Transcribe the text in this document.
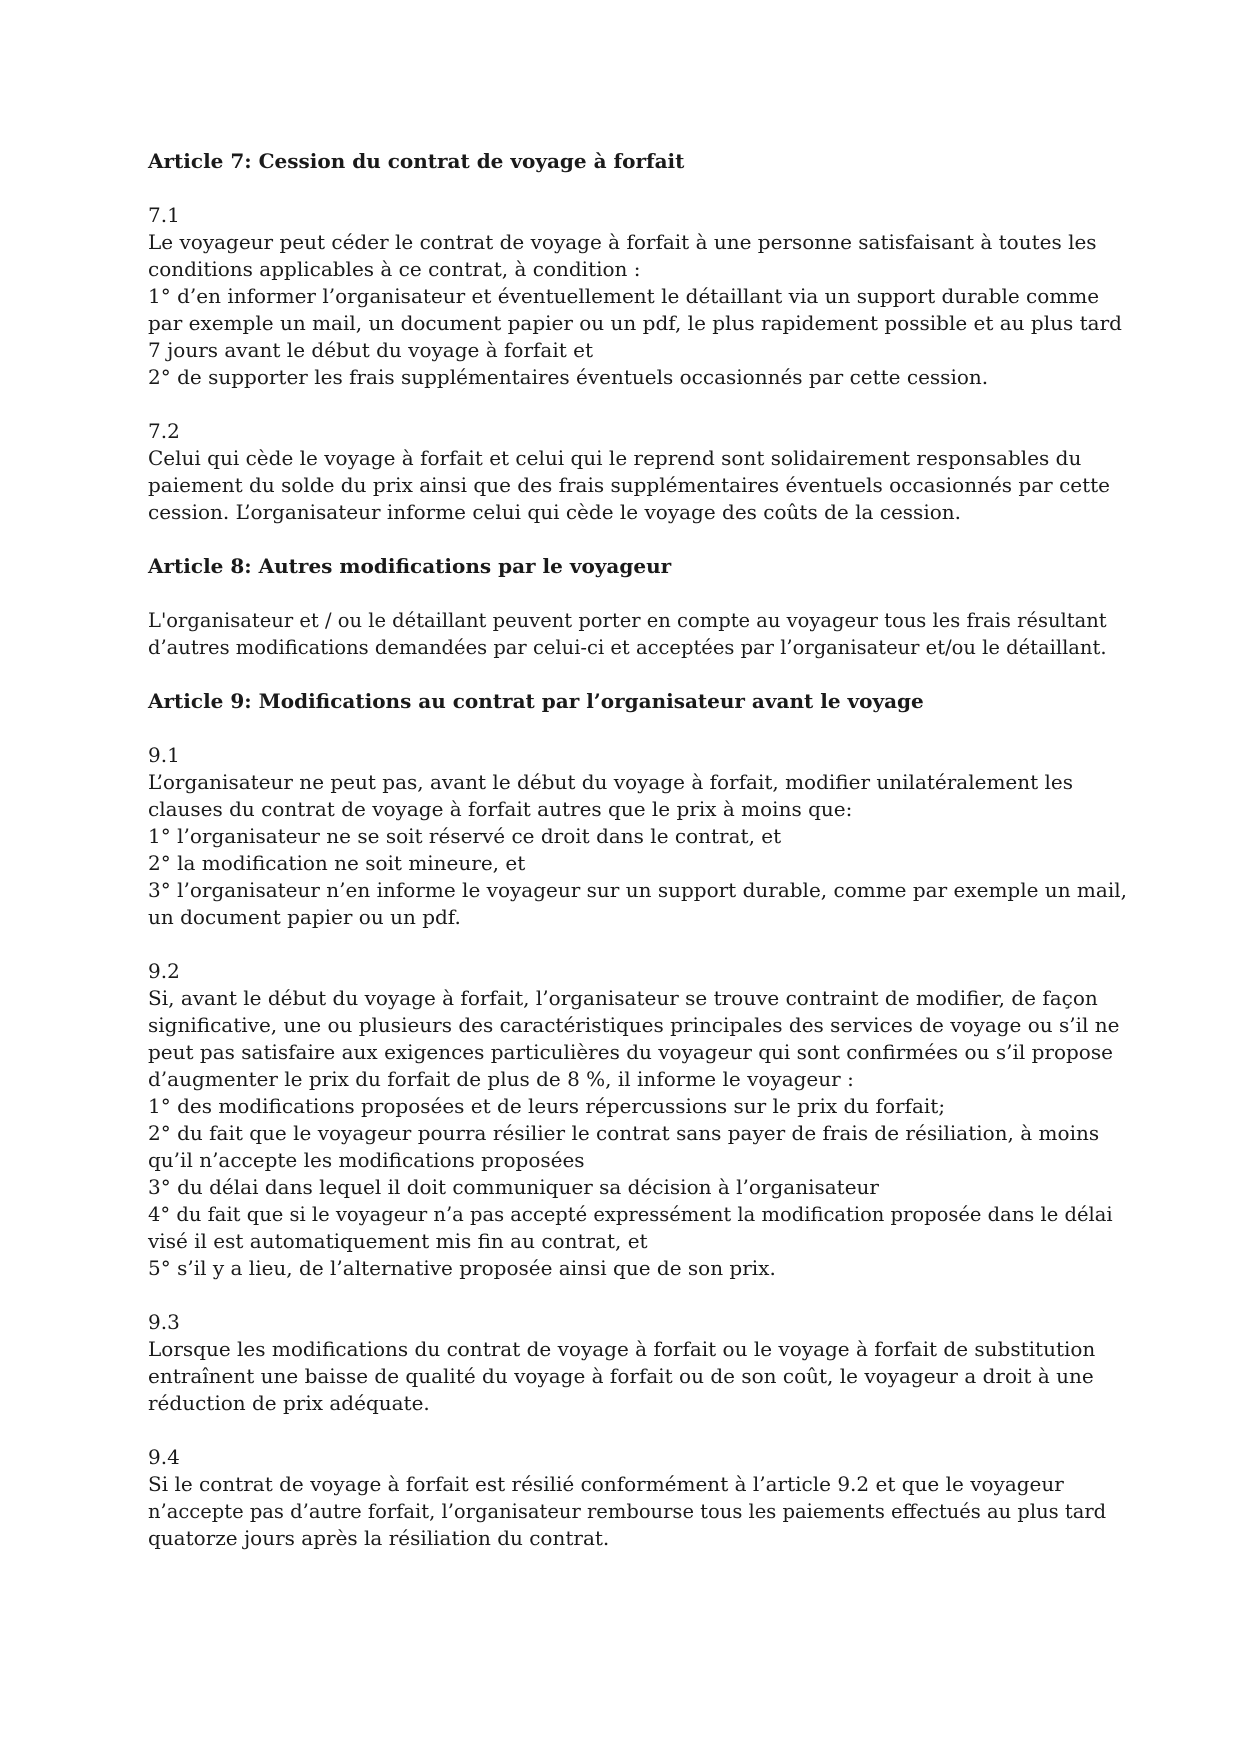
Article 7: Cession du contrat de voyage à forfait
7.1
Le voyageur peut céder le contrat de voyage à forfait à une personne satisfaisant à toutes les
conditions applicables à ce contrat, à condition :
1° d’en informer l’organisateur et éventuellement le détaillant via un support durable comme
par exemple un mail, un document papier ou un pdf, le plus rapidement possible et au plus tard
7 jours avant le début du voyage à forfait et
2° de supporter les frais supplémentaires éventuels occasionnés par cette cession.
7.2
Celui qui cède le voyage à forfait et celui qui le reprend sont solidairement responsables du
paiement du solde du prix ainsi que des frais supplémentaires éventuels occasionnés par cette
cession. L’organisateur informe celui qui cède le voyage des coûts de la cession.
Article 8: Autres modifications par le voyageur
L'organisateur et / ou le détaillant peuvent porter en compte au voyageur tous les frais résultant
d’autres modifications demandées par celui-ci et acceptées par l’organisateur et/ou le détaillant.
Article 9: Modifications au contrat par l’organisateur avant le voyage
9.1
L’organisateur ne peut pas, avant le début du voyage à forfait, modifier unilatéralement les
clauses du contrat de voyage à forfait autres que le prix à moins que:
1° l’organisateur ne se soit réservé ce droit dans le contrat, et
2° la modification ne soit mineure, et
3° l’organisateur n’en informe le voyageur sur un support durable, comme par exemple un mail,
un document papier ou un pdf.
9.2
Si, avant le début du voyage à forfait, l’organisateur se trouve contraint de modifier, de façon
significative, une ou plusieurs des caractéristiques principales des services de voyage ou s’il ne
peut pas satisfaire aux exigences particulières du voyageur qui sont confirmées ou s’il propose
d’augmenter le prix du forfait de plus de 8 %, il informe le voyageur :
1° des modifications proposées et de leurs répercussions sur le prix du forfait;
2° du fait que le voyageur pourra résilier le contrat sans payer de frais de résiliation, à moins
qu’il n’accepte les modifications proposées
3° du délai dans lequel il doit communiquer sa décision à l’organisateur
4° du fait que si le voyageur n’a pas accepté expressément la modification proposée dans le délai
visé il est automatiquement mis fin au contrat, et
5° s’il y a lieu, de l’alternative proposée ainsi que de son prix.
9.3
Lorsque les modifications du contrat de voyage à forfait ou le voyage à forfait de substitution
entraînent une baisse de qualité du voyage à forfait ou de son coût, le voyageur a droit à une
réduction de prix adéquate.
9.4
Si le contrat de voyage à forfait est résilié conformément à l’article 9.2 et que le voyageur
n’accepte pas d’autre forfait, l’organisateur rembourse tous les paiements effectués au plus tard
quatorze jours après la résiliation du contrat.
